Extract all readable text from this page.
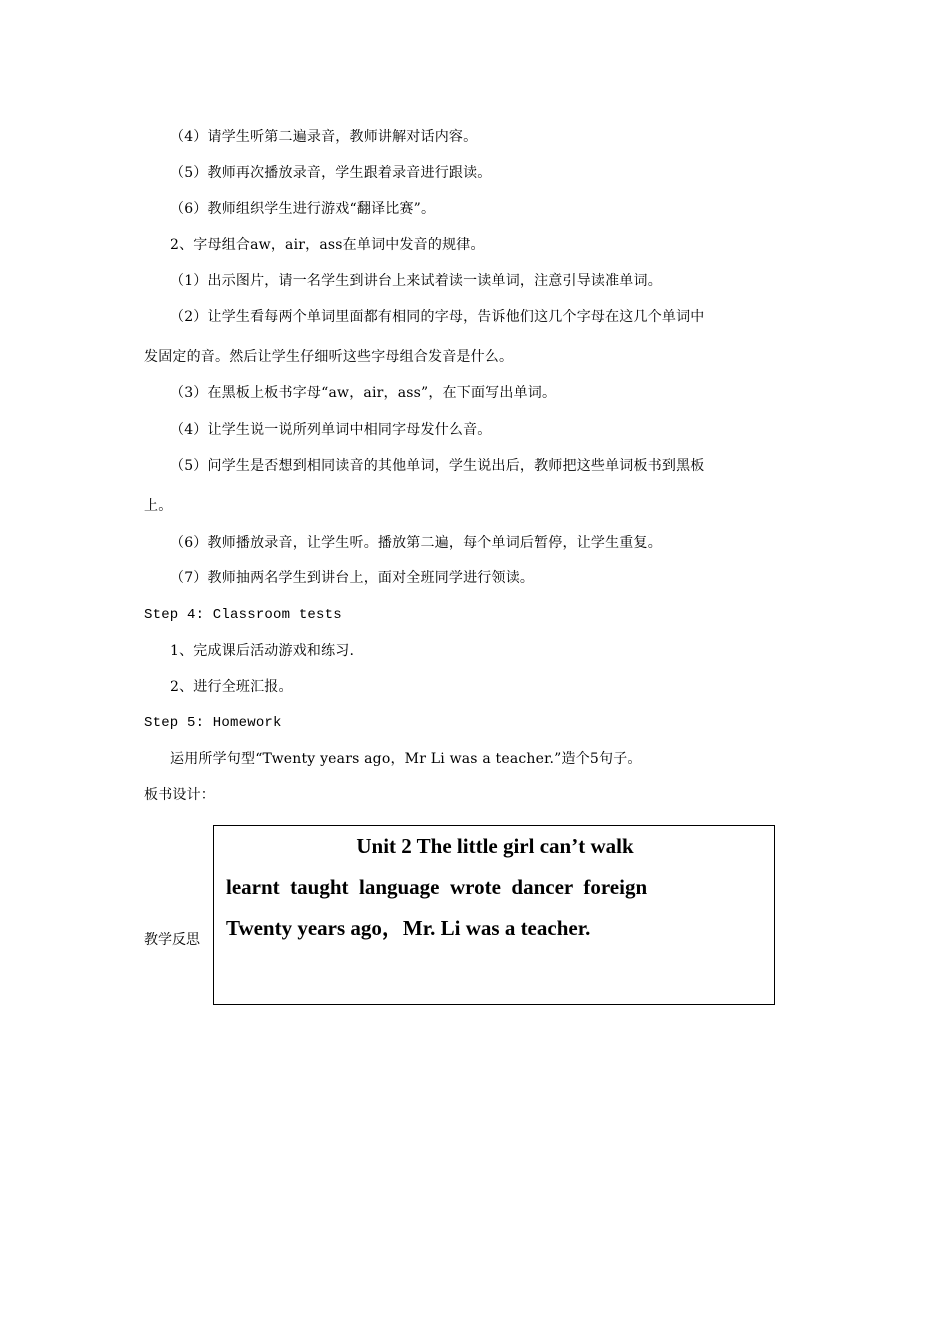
（4）请学生听第二遍录音，教师讲解对话内容。
（5）教师再次播放录音，学生跟着录音进行跟读。
（6）教师组织学生进行游戏“翻译比赛”。
2、字母组合aw，air，ass在单词中发音的规律。
（1）出示图片，请一名学生到讲台上来试着读一读单词，注意引导读准单词。
（2）让学生看每两个单词里面都有相同的字母，告诉他们这几个字母在这几个单词中
发固定的音。然后让学生仔细听这些字母组合发音是什么。
（3）在黑板上板书字母“aw，air，ass”，在下面写出单词。
（4）让学生说一说所列单词中相同字母发什么音。
（5）问学生是否想到相同读音的其他单词，学生说出后，教师把这些单词板书到黑板
上。
（6）教师播放录音，让学生听。播放第二遍，每个单词后暂停，让学生重复。
（7）教师抽两名学生到讲台上，面对全班同学进行领读。
Step 4: Classroom tests
1、完成课后活动游戏和练习.
2、进行全班汇报。
Step 5: Homework
运用所学句型“Twenty years ago，Mr Li was a teacher.”造个5句子。
板书设计：
教学反思
Unit 2 The little girl can’t walk
learnt  taught  language  wrote  dancer  foreign
Twenty years ago，Mr. Li was a teacher.
